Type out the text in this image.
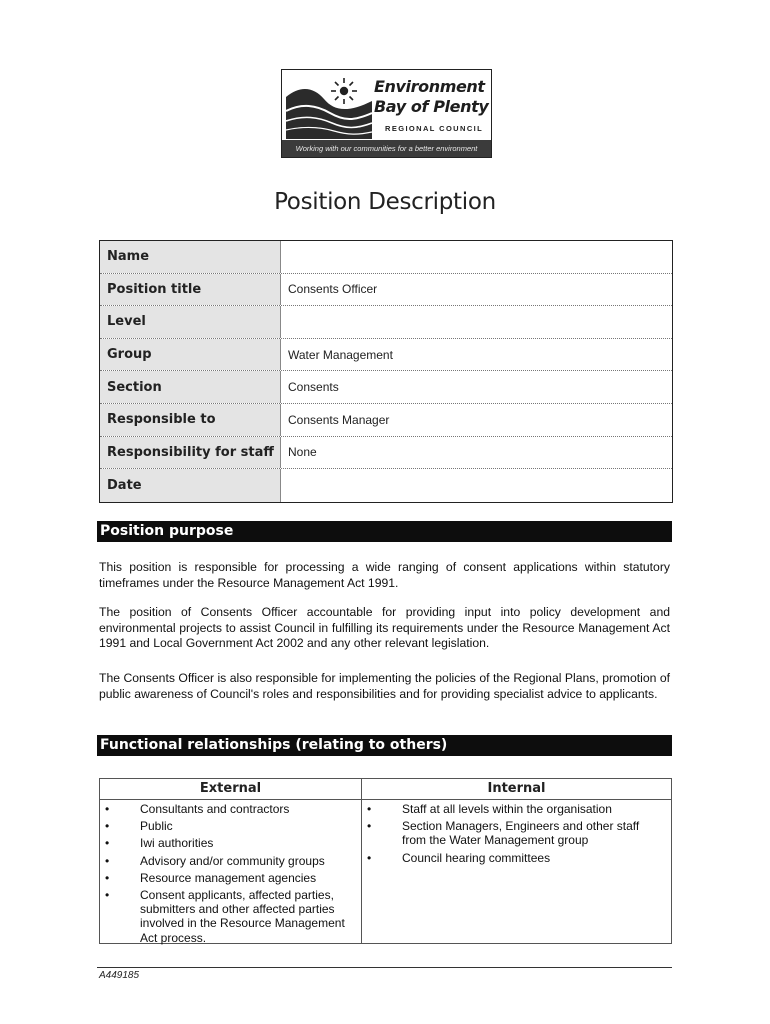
Environment
Bay of Plenty
REGIONAL COUNCIL
Working with our communities for a better environment
Position Description
Name
Position title	Consents Officer
Level
Group	Water Management
Section	Consents
Responsible to	Consents Manager
Responsibility for staff	None
Date
Position purpose

This position is responsible for processing a wide ranging of consent applications within statutory timeframes under the Resource Management Act 1991.

The position of Consents Officer accountable for providing input into policy development and environmental projects to assist Council in fulfilling its requirements under the Resource Management Act 1991 and Local Government Act 2002 and any other relevant legislation.

The Consents Officer is also responsible for implementing the policies of the Regional Plans, promotion of public awareness of Council's roles and responsibilities and for providing specialist advice to applicants.

Functional relationships (relating to others)
External
•	Consultants and contractors
•	Public
•	Iwi authorities
•	Advisory and/or community groups
•	Resource management agencies
•	Consent applicants, affected parties, submitters and other affected parties involved in the Resource Management Act process.
Internal
•	Staff at all levels within the organisation
•	Section Managers, Engineers and other staff from the Water Management group
•	Council hearing committees
A449185
